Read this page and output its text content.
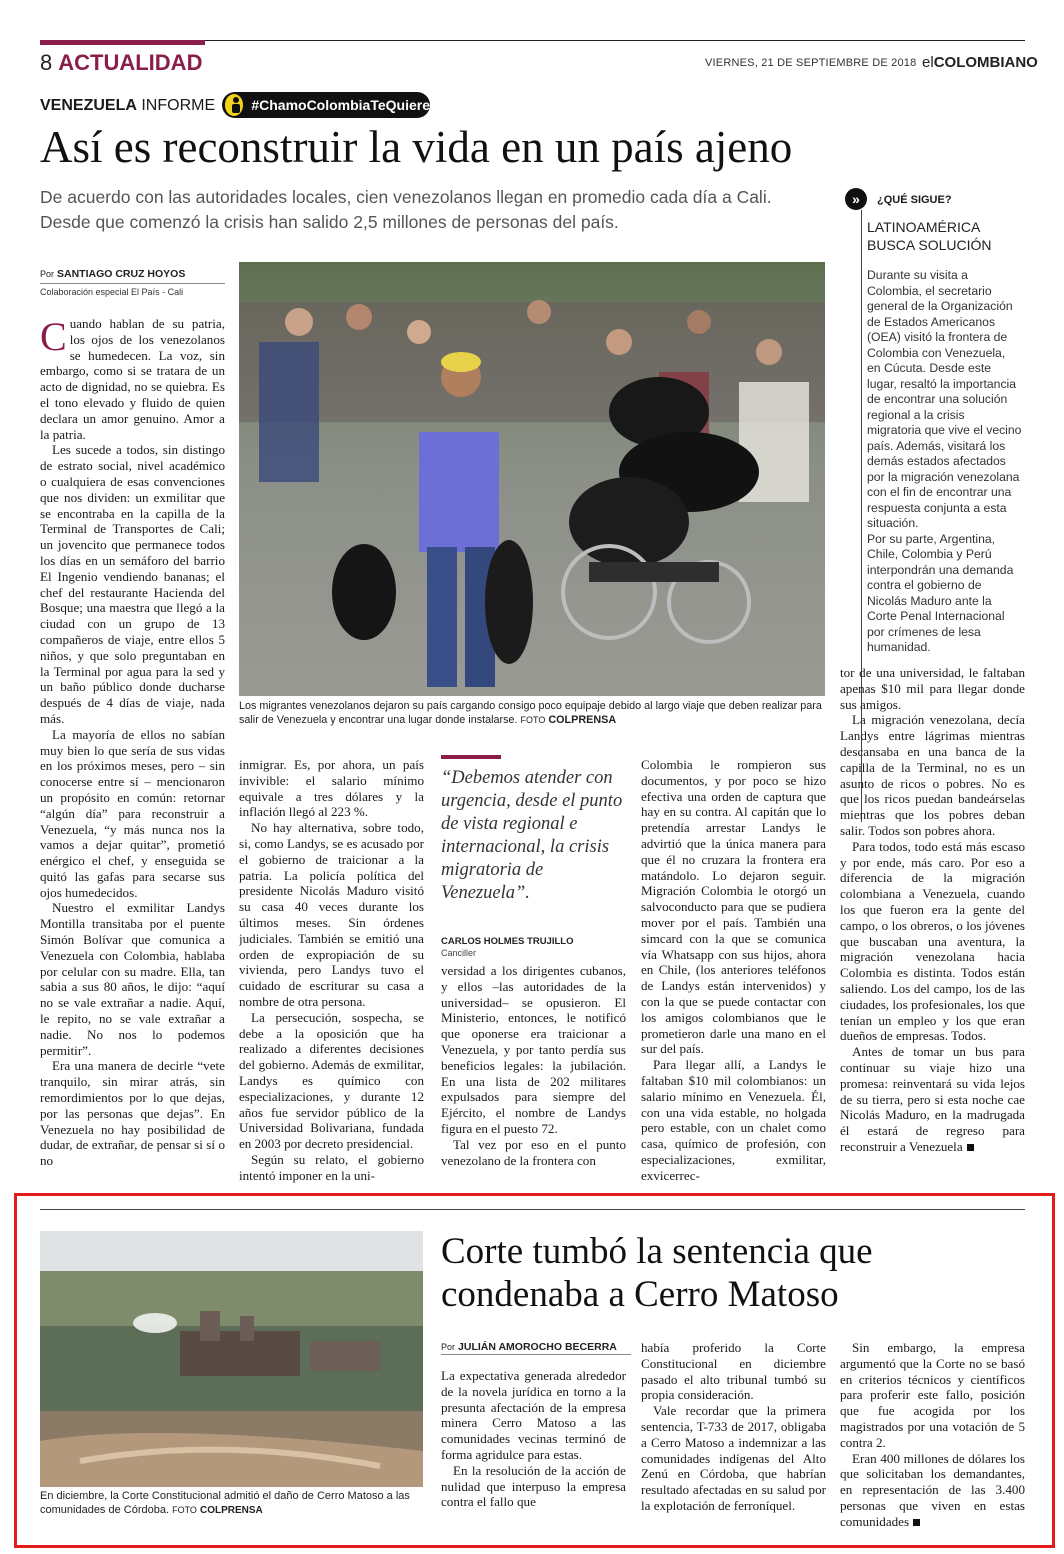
8 ACTUALIDAD	VIERNES, 21 DE SEPTIEMBRE DE 2018 elCOLOMBIANO
VENEZUELA INFORME	#ChamoColombiaTeQuiere
Así es reconstruir la vida en un país ajeno
De acuerdo con las autoridades locales, cien venezolanos llegan en promedio cada día a Cali. Desde que comenzó la crisis han salido 2,5 millones de personas del país.
»	¿QUÉ SIGUE?
LATINOAMÉRICA BUSCA SOLUCIÓN

Durante su visita a Colombia, el secretario general de la Organización de Estados Americanos (OEA) visitó la frontera de Colombia con Venezuela, en Cúcuta. Desde este lugar, resaltó la importancia de encontrar una solución regional a la crisis migratoria que vive el vecino país. Además, visitará los demás estados afectados por la migración venezolana con el fin de encontrar una respuesta conjunta a esta situación.

Por su parte, Argentina, Chile, Colombia y Perú interpondrán una demanda contra el gobierno de Nicolás Maduro ante la Corte Penal Internacional por crímenes de lesa humanidad.

Por SANTIAGO CRUZ HOYOS
Colaboración especial El País - Cali

Cuando hablan de su patria, los ojos de los venezolanos se humedecen. La voz, sin embargo, como si se tratara de un acto de dignidad, no se quiebra. Es el tono elevado y fluido de quien declara un amor genuino. Amor a la patria.

Les sucede a todos, sin distingo de estrato social, nivel académico o cualquiera de esas convenciones que nos dividen: un exmilitar que se encontraba en la capilla de la Terminal de Transportes de Cali; un jovencito que permanece todos los días en un semáforo del barrio El Ingenio vendiendo bananas; el chef del restaurante Hacienda del Bosque; una maestra que llegó a la ciudad con un grupo de 13 compañeros de viaje, entre ellos 5 niños, y que solo preguntaban en la Terminal por agua para la sed y un baño público donde ducharse después de 4 días de viaje, nada más.

La mayoría de ellos no sabían muy bien lo que sería de sus vidas en los próximos meses, pero – sin conocerse entre sí – mencionaron un propósito en común: retornar “algún día” para reconstruir a Venezuela, “y más nunca nos la vamos a dejar quitar”, prometió enérgico el chef, y enseguida se quitó las gafas para secarse sus ojos humedecidos.

Nuestro el exmilitar Landys Montilla transitaba por el puente Simón Bolívar que comunica a Venezuela con Colombia, hablaba por celular con su madre. Ella, tan sabia a sus 80 años, le dijo: “aquí no se vale extrañar a nadie. Aquí, le repito, no se vale extrañar a nadie. No nos lo podemos permitir”.

Era una manera de decirle “vete tranquilo, sin mirar atrás, sin remordimientos por lo que dejas, por las personas que dejas”. En Venezuela no hay posibilidad de dudar, de extrañar, de pensar si sí o no

Los migrantes venezolanos dejaron su país cargando consigo poco equipaje debido al largo viaje que deben realizar para salir de Venezuela y encontrar una lugar donde instalarse. FOTO COLPRENSA

inmigrar. Es, por ahora, un país invivible: el salario mínimo equivale a tres dólares y la inflación llegó al 223 %.

No hay alternativa, sobre todo, si, como Landys, se es acusado por el gobierno de traicionar a la patria. La policía política del presidente Nicolás Maduro visitó su casa 40 veces durante los últimos meses. Sin órdenes judiciales. También se emitió una orden de expropiación de su vivienda, pero Landys tuvo el cuidado de escriturar su casa a nombre de otra persona.

La persecución, sospecha, se debe a la oposición que ha realizado a diferentes decisiones del gobierno. Además de exmilitar, Landys es químico con especializaciones, y durante 12 años fue servidor público de la Universidad Bolivariana, fundada en 2003 por decreto presidencial.

Según su relato, el gobierno intentó imponer en la uni-

“Debemos atender con urgencia, desde el punto de vista regional e internacional, la crisis migratoria de Venezuela”.
CARLOS HOLMES TRUJILLO
Canciller

versidad a los dirigentes cubanos, y ellos –las autoridades de la universidad– se opusieron. El Ministerio, entonces, le notificó que oponerse era traicionar a Venezuela, y por tanto perdía sus beneficios legales: la jubilación. En una lista de 202 militares expulsados para siempre del Ejército, el nombre de Landys figura en el puesto 72.

Tal vez por eso en el punto venezolano de la frontera con

Colombia le rompieron sus documentos, y por poco se hizo efectiva una orden de captura que hay en su contra. Al capitán que lo pretendía arrestar Landys le advirtió que la única manera para que él no cruzara la frontera era matándolo. Lo dejaron seguir. Migración Colombia le otorgó un salvoconducto para que se pudiera mover por el país. También una simcard con la que se comunica vía Whatsapp con sus hijos, ahora en Chile, (los anteriores teléfonos de Landys están intervenidos) y con la que se puede contactar con los amigos colombianos que le prometieron darle una mano en el sur del país.

Para llegar allí, a Landys le faltaban $10 mil colombianos: un salario mínimo en Venezuela. Él, con una vida estable, no holgada pero estable, con un chalet como casa, químico de profesión, con especializaciones, exmilitar, exvicerrec-

tor de una universidad, le faltaban apenas $10 mil para llegar donde sus amigos.

La migración venezolana, decía Landys entre lágrimas mientras descansaba en una banca de la capilla de la Terminal, no es un asunto de ricos o pobres. No es que los ricos puedan bandeárselas mientras que los pobres deban salir. Todos son pobres ahora.

Para todos, todo está más escaso y por ende, más caro. Por eso a diferencia de la migración colombiana a Venezuela, cuando los que fueron era la gente del campo, o los obreros, o los jóvenes que buscaban una aventura, la migración venezolana hacia Colombia es distinta. Todos están saliendo. Los del campo, los de las ciudades, los profesionales, los que tenían un empleo y los que eran dueños de empresas. Todos.

Antes de tomar un bus para continuar su viaje hizo una promesa: reinventará su vida lejos de su tierra, pero si esta noche cae Nicolás Maduro, en la madrugada él estará de regreso para reconstruir a Venezuela

En diciembre, la Corte Constitucional admitió el daño de Cerro Matoso a las comunidades de Córdoba. FOTO COLPRENSA
Corte tumbó la sentencia que condenaba a Cerro Matoso
Por JULIÁN AMOROCHO BECERRA

La expectativa generada alrededor de la novela jurídica en torno a la presunta afectación de la empresa minera Cerro Matoso a las comunidades vecinas terminó de forma agridulce para estas.

En la resolución de la acción de nulidad que interpuso la empresa contra el fallo que

había proferido la Corte Constitucional en diciembre pasado el alto tribunal tumbó su propia consideración.

Vale recordar que la primera sentencia, T-733 de 2017, obligaba a Cerro Matoso a indemnizar a las comunidades indígenas del Alto Zenú en Córdoba, que habrían resultado afectadas en su salud por la explotación de ferroníquel.

Sin embargo, la empresa argumentó que la Corte no se basó en criterios técnicos y científicos para proferir este fallo, posición que fue acogida por los magistrados por una votación de 5 contra 2.

Eran 400 millones de dólares los que solicitaban los demandantes, en representación de las 3.400 personas que viven en estas comunidades
